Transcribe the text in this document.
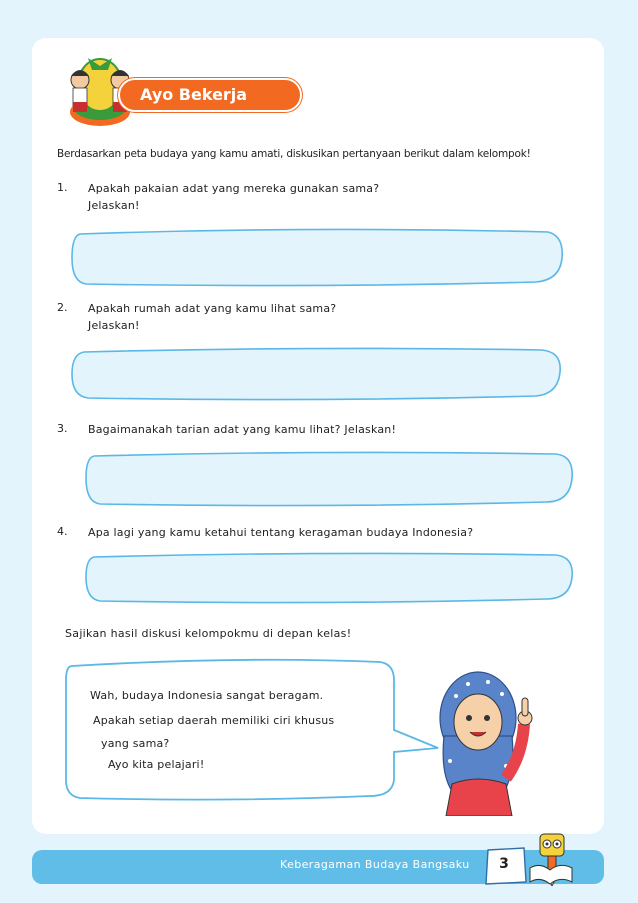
Ayo Bekerja Sama
Berdasarkan peta budaya yang kamu amati, diskusikan pertanyaan berikut dalam kelompok!
1. Apakah pakaian adat yang mereka gunakan sama?
Jelaskan!
2. Apakah rumah adat yang kamu lihat sama?
Jelaskan!
3. Bagaimanakah tarian adat yang kamu lihat? Jelaskan!
4. Apa lagi yang kamu ketahui tentang keragaman budaya Indonesia?
Sajikan hasil diskusi kelompokmu di depan kelas!
Wah, budaya Indonesia sangat beragam.
Apakah setiap daerah memiliki ciri khusus
yang sama?
Ayo kita pelajari!
Keberagaman Budaya Bangsaku	3
